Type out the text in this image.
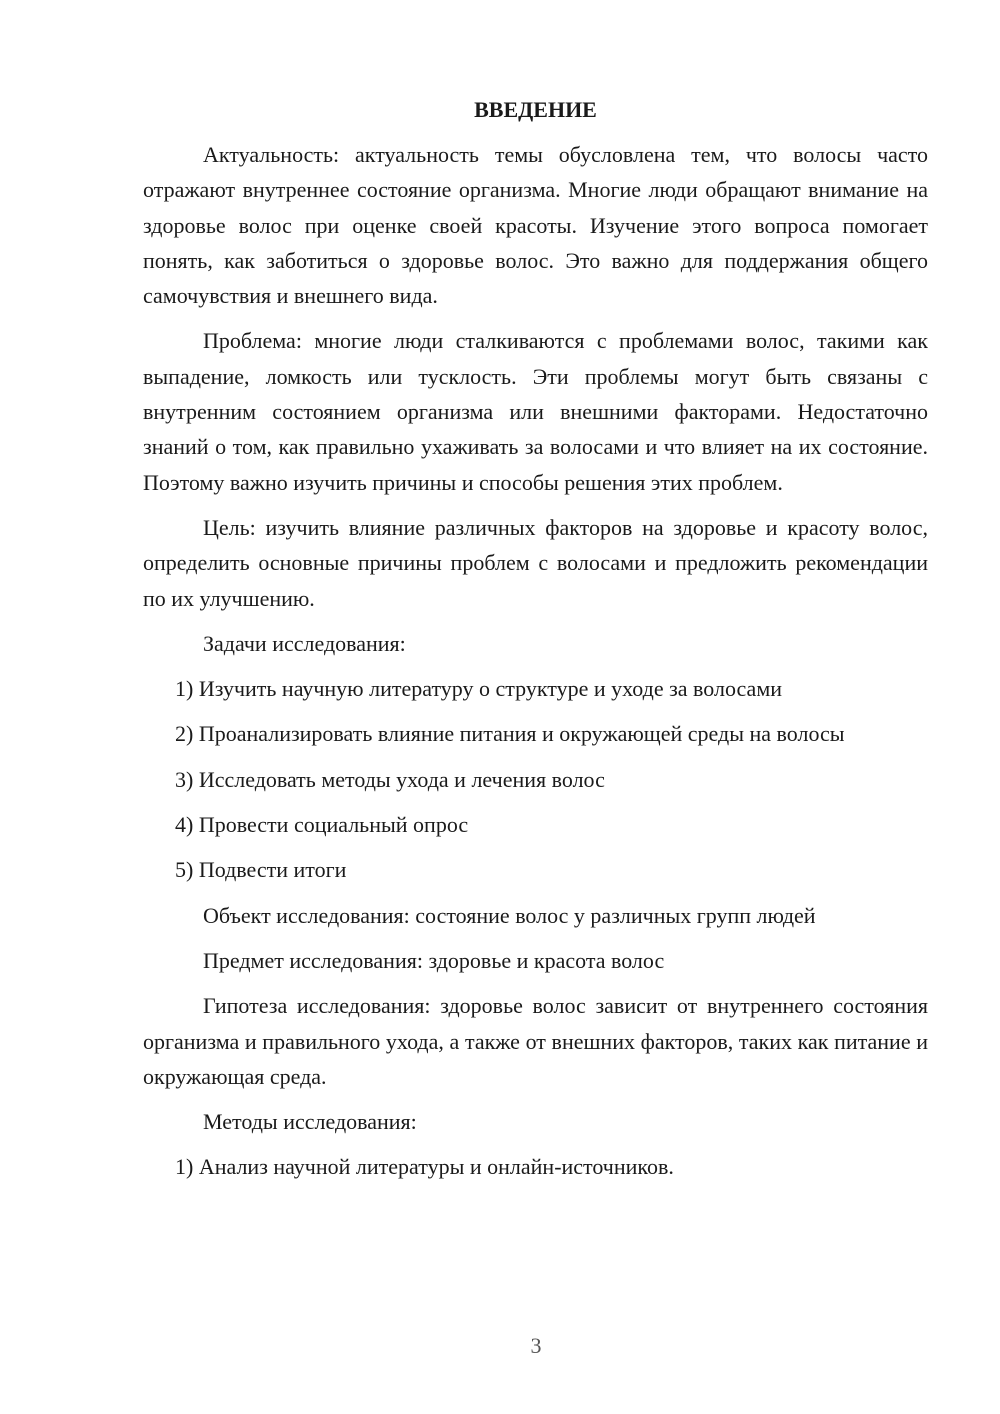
ВВЕДЕНИЕ

Актуальность: актуальность темы обусловлена тем, что волосы часто отражают внутреннее состояние организма. Многие люди обращают внимание на здоровье волос при оценке своей красоты. Изучение этого вопроса помогает понять, как заботиться о здоровье волос. Это важно для поддержания общего самочувствия и внешнего вида.

Проблема: многие люди сталкиваются с проблемами волос, такими как выпадение, ломкость или тусклость. Эти проблемы могут быть связаны с внутренним состоянием организма или внешними факторами. Недостаточно знаний о том, как правильно ухаживать за волосами и что влияет на их состояние. Поэтому важно изучить причины и способы решения этих проблем.

Цель: изучить влияние различных факторов на здоровье и красоту волос, определить основные причины проблем с волосами и предложить рекомендации по их улучшению.

Задачи исследования:

1) Изучить научную литературу о структуре и уходе за волосами

2) Проанализировать влияние питания и окружающей среды на волосы

3) Исследовать методы ухода и лечения волос

4) Провести социальный опрос

5) Подвести итоги

Объект исследования: состояние волос у различных групп людей

Предмет исследования: здоровье и красота волос

Гипотеза исследования: здоровье волос зависит от внутреннего состояния организма и правильного ухода, а также от внешних факторов, таких как питание и окружающая среда.

Методы исследования:

1) Анализ научной литературы и онлайн-источников.

3
